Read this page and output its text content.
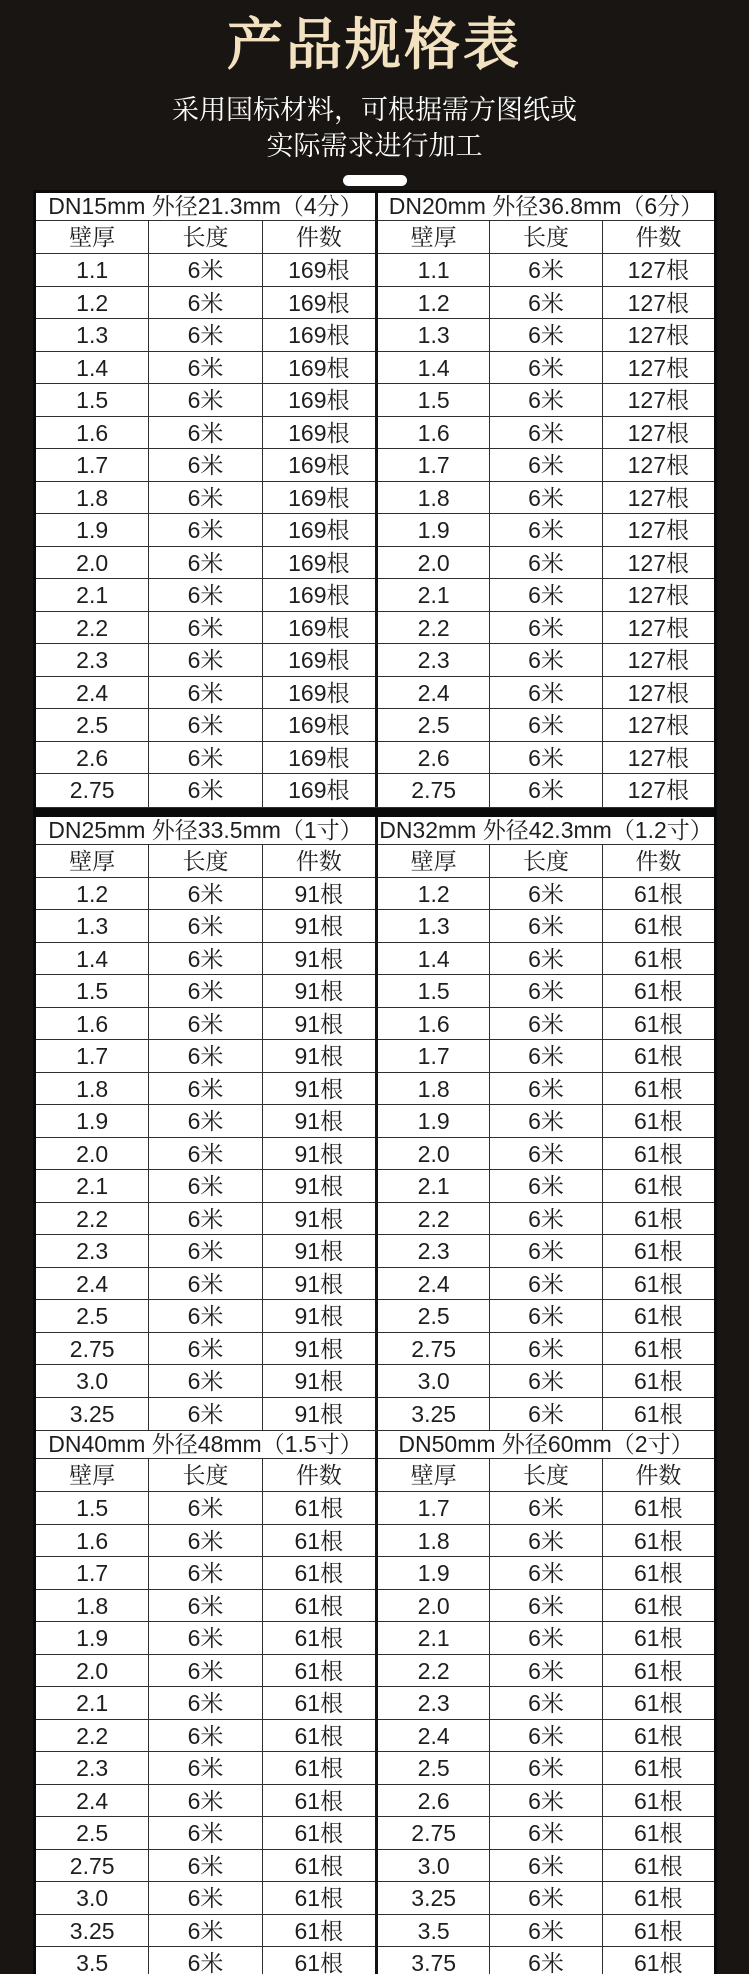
产品规格表

采用国标材料，可根据需方图纸或

实际需求进行加工

DN15mm 外径21.3mm（4分）
壁厚	长度	件数
1.1	6米	169根
1.2	6米	169根
1.3	6米	169根
1.4	6米	169根
1.5	6米	169根
1.6	6米	169根
1.7	6米	169根
1.8	6米	169根
1.9	6米	169根
2.0	6米	169根
2.1	6米	169根
2.2	6米	169根
2.3	6米	169根
2.4	6米	169根
2.5	6米	169根
2.6	6米	169根
2.75	6米	169根
DN20mm 外径36.8mm（6分）
壁厚	长度	件数
1.1	6米	127根
1.2	6米	127根
1.3	6米	127根
1.4	6米	127根
1.5	6米	127根
1.6	6米	127根
1.7	6米	127根
1.8	6米	127根
1.9	6米	127根
2.0	6米	127根
2.1	6米	127根
2.2	6米	127根
2.3	6米	127根
2.4	6米	127根
2.5	6米	127根
2.6	6米	127根
2.75	6米	127根
DN25mm 外径33.5mm（1寸）
壁厚	长度	件数
1.2	6米	91根
1.3	6米	91根
1.4	6米	91根
1.5	6米	91根
1.6	6米	91根
1.7	6米	91根
1.8	6米	91根
1.9	6米	91根
2.0	6米	91根
2.1	6米	91根
2.2	6米	91根
2.3	6米	91根
2.4	6米	91根
2.5	6米	91根
2.75	6米	91根
3.0	6米	91根
3.25	6米	91根
DN32mm 外径42.3mm（1.2寸）
壁厚	长度	件数
1.2	6米	61根
1.3	6米	61根
1.4	6米	61根
1.5	6米	61根
1.6	6米	61根
1.7	6米	61根
1.8	6米	61根
1.9	6米	61根
2.0	6米	61根
2.1	6米	61根
2.2	6米	61根
2.3	6米	61根
2.4	6米	61根
2.5	6米	61根
2.75	6米	61根
3.0	6米	61根
3.25	6米	61根
DN40mm 外径48mm（1.5寸）
壁厚	长度	件数
1.5	6米	61根
1.6	6米	61根
1.7	6米	61根
1.8	6米	61根
1.9	6米	61根
2.0	6米	61根
2.1	6米	61根
2.2	6米	61根
2.3	6米	61根
2.4	6米	61根
2.5	6米	61根
2.75	6米	61根
3.0	6米	61根
3.25	6米	61根
3.5	6米	61根
DN50mm 外径60mm（2寸）
壁厚	长度	件数
1.7	6米	61根
1.8	6米	61根
1.9	6米	61根
2.0	6米	61根
2.1	6米	61根
2.2	6米	61根
2.3	6米	61根
2.4	6米	61根
2.5	6米	61根
2.6	6米	61根
2.75	6米	61根
3.0	6米	61根
3.25	6米	61根
3.5	6米	61根
3.75	6米	61根
